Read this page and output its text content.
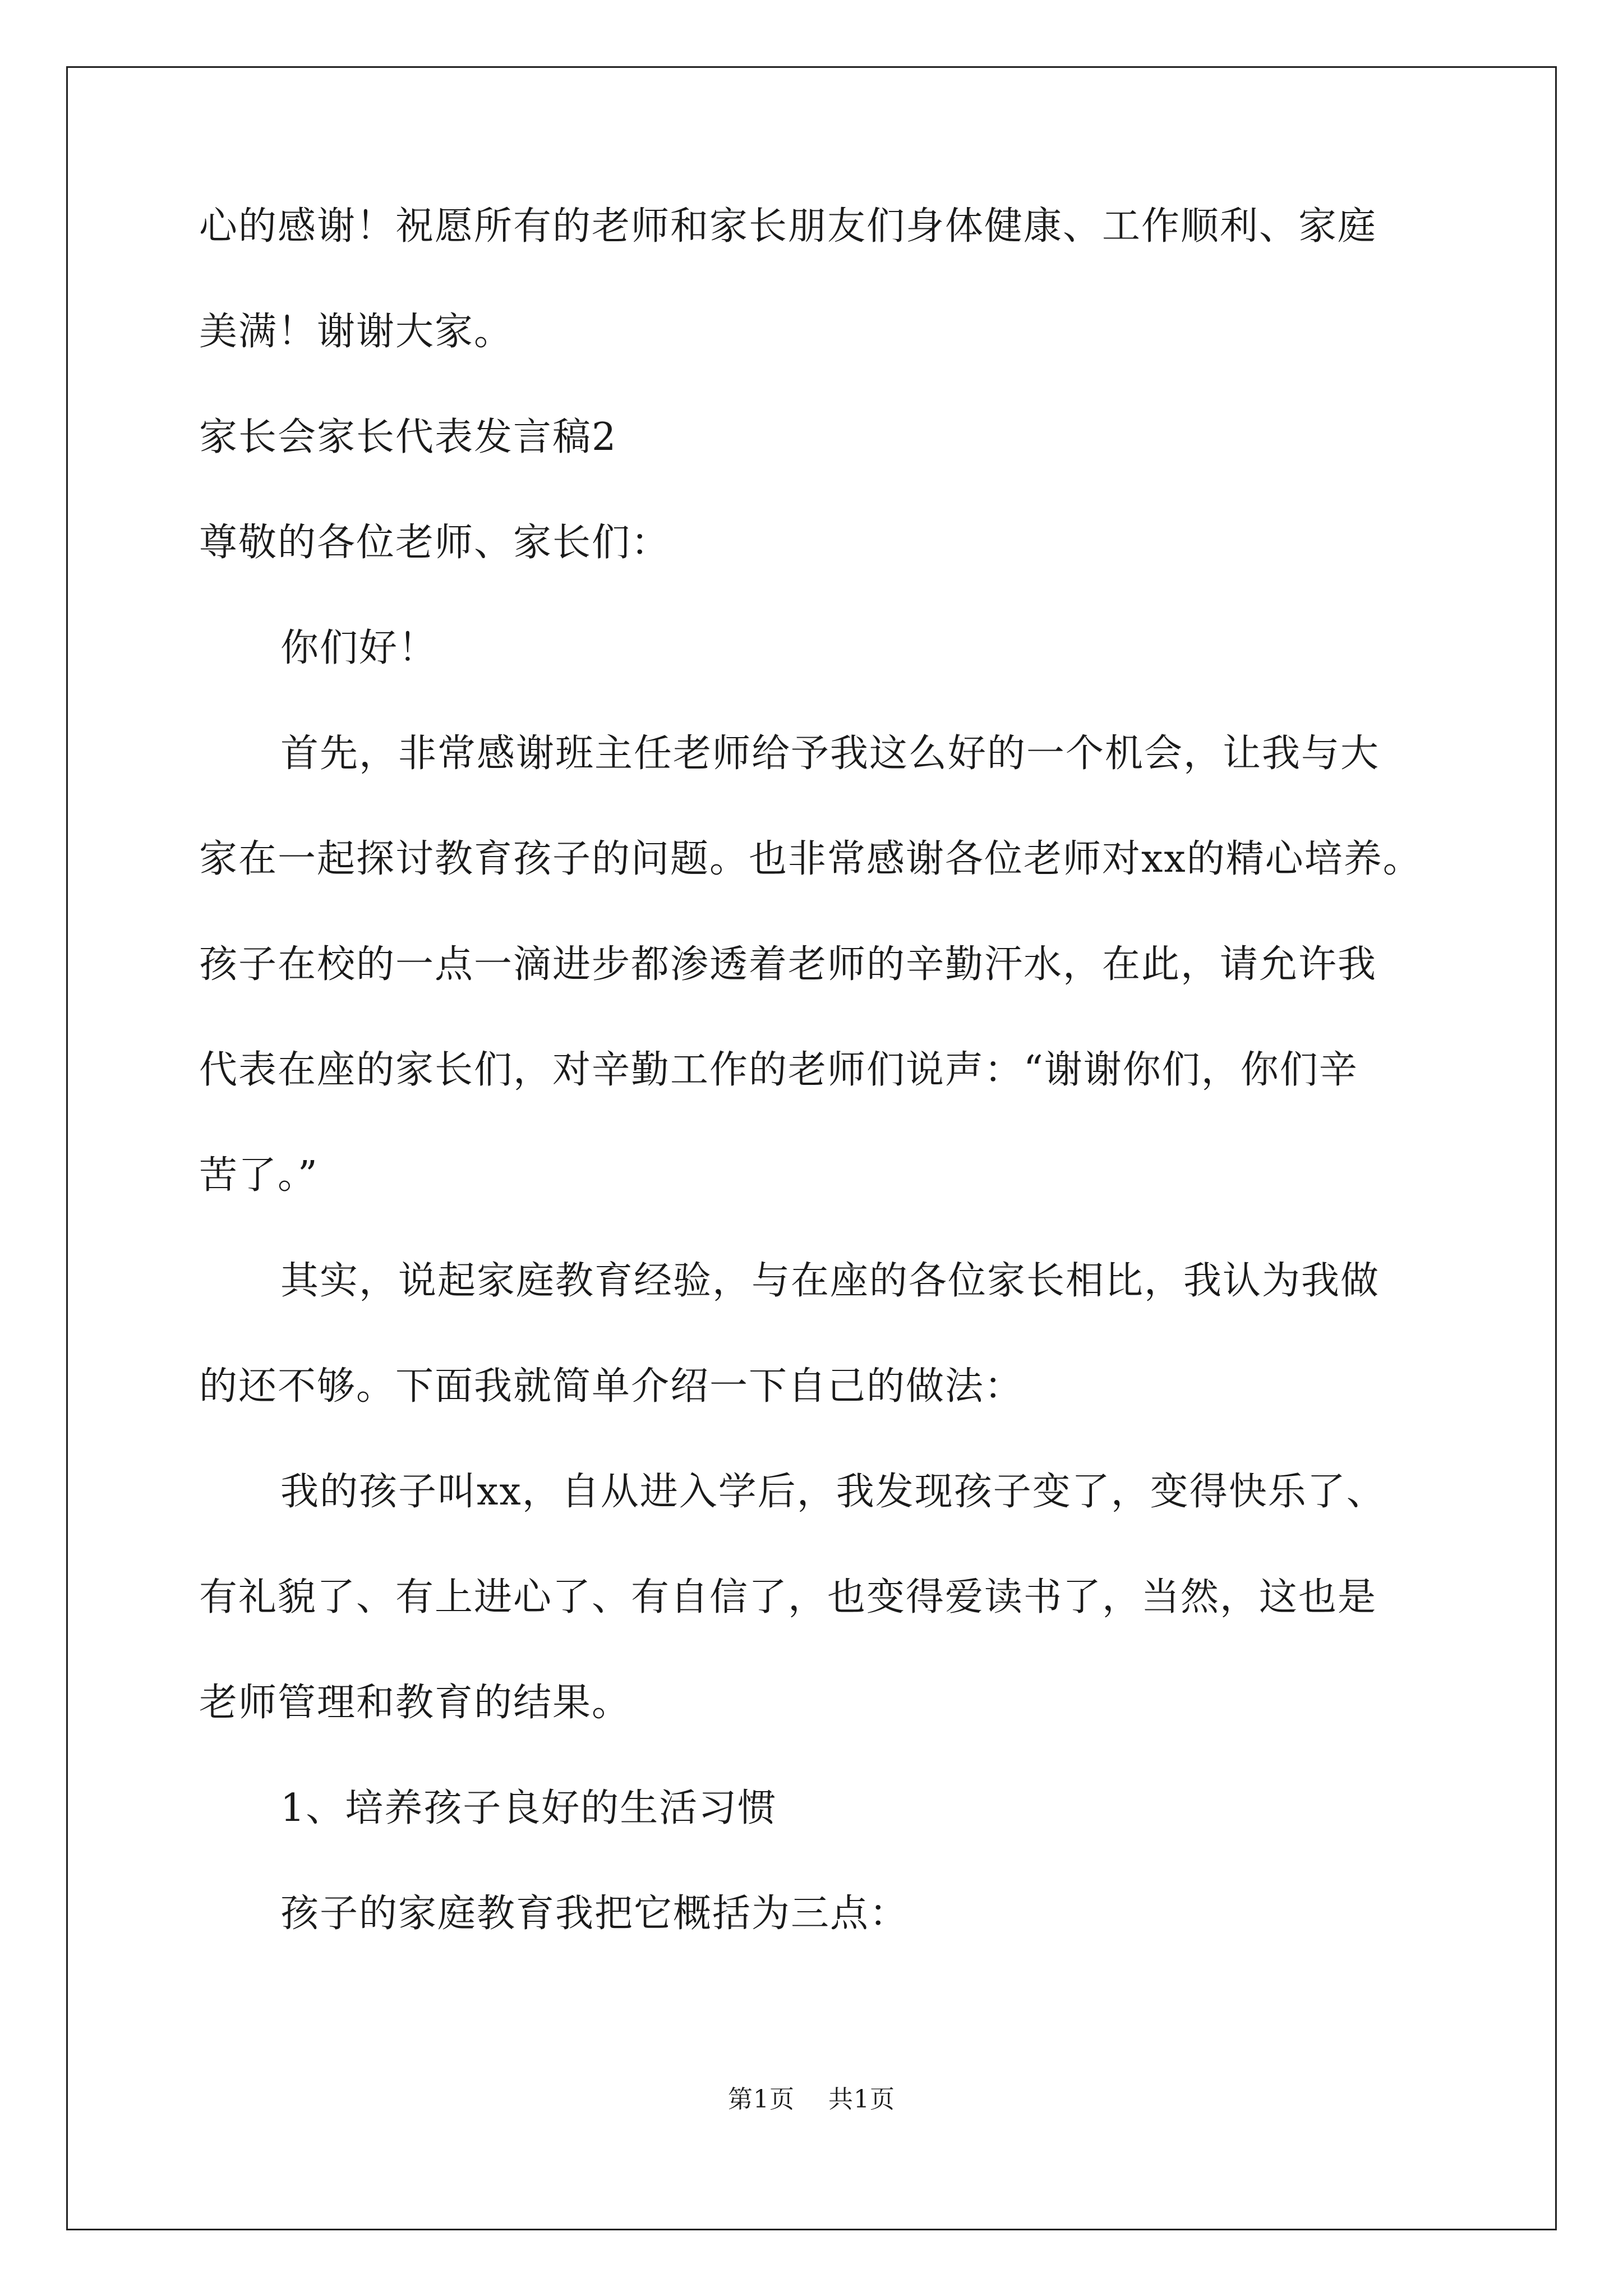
心的感谢！祝愿所有的老师和家长朋友们身体健康、工作顺利、家庭
美满！谢谢大家。
家长会家长代表发言稿2
尊敬的各位老师、家长们：
你们好！
首先，非常感谢班主任老师给予我这么好的一个机会，让我与大
家在一起探讨教育孩子的问题。也非常感谢各位老师对xx的精心培养。
孩子在校的一点一滴进步都渗透着老师的辛勤汗水，在此，请允许我
代表在座的家长们，对辛勤工作的老师们说声：“谢谢你们，你们辛
苦了。”
其实，说起家庭教育经验，与在座的各位家长相比，我认为我做
的还不够。下面我就简单介绍一下自己的做法：
我的孩子叫xx，自从进入学后，我发现孩子变了，变得快乐了、
有礼貌了、有上进心了、有自信了，也变得爱读书了，当然，这也是
老师管理和教育的结果。
1、培养孩子良好的生活习惯
孩子的家庭教育我把它概括为三点：
第1页 共1页
